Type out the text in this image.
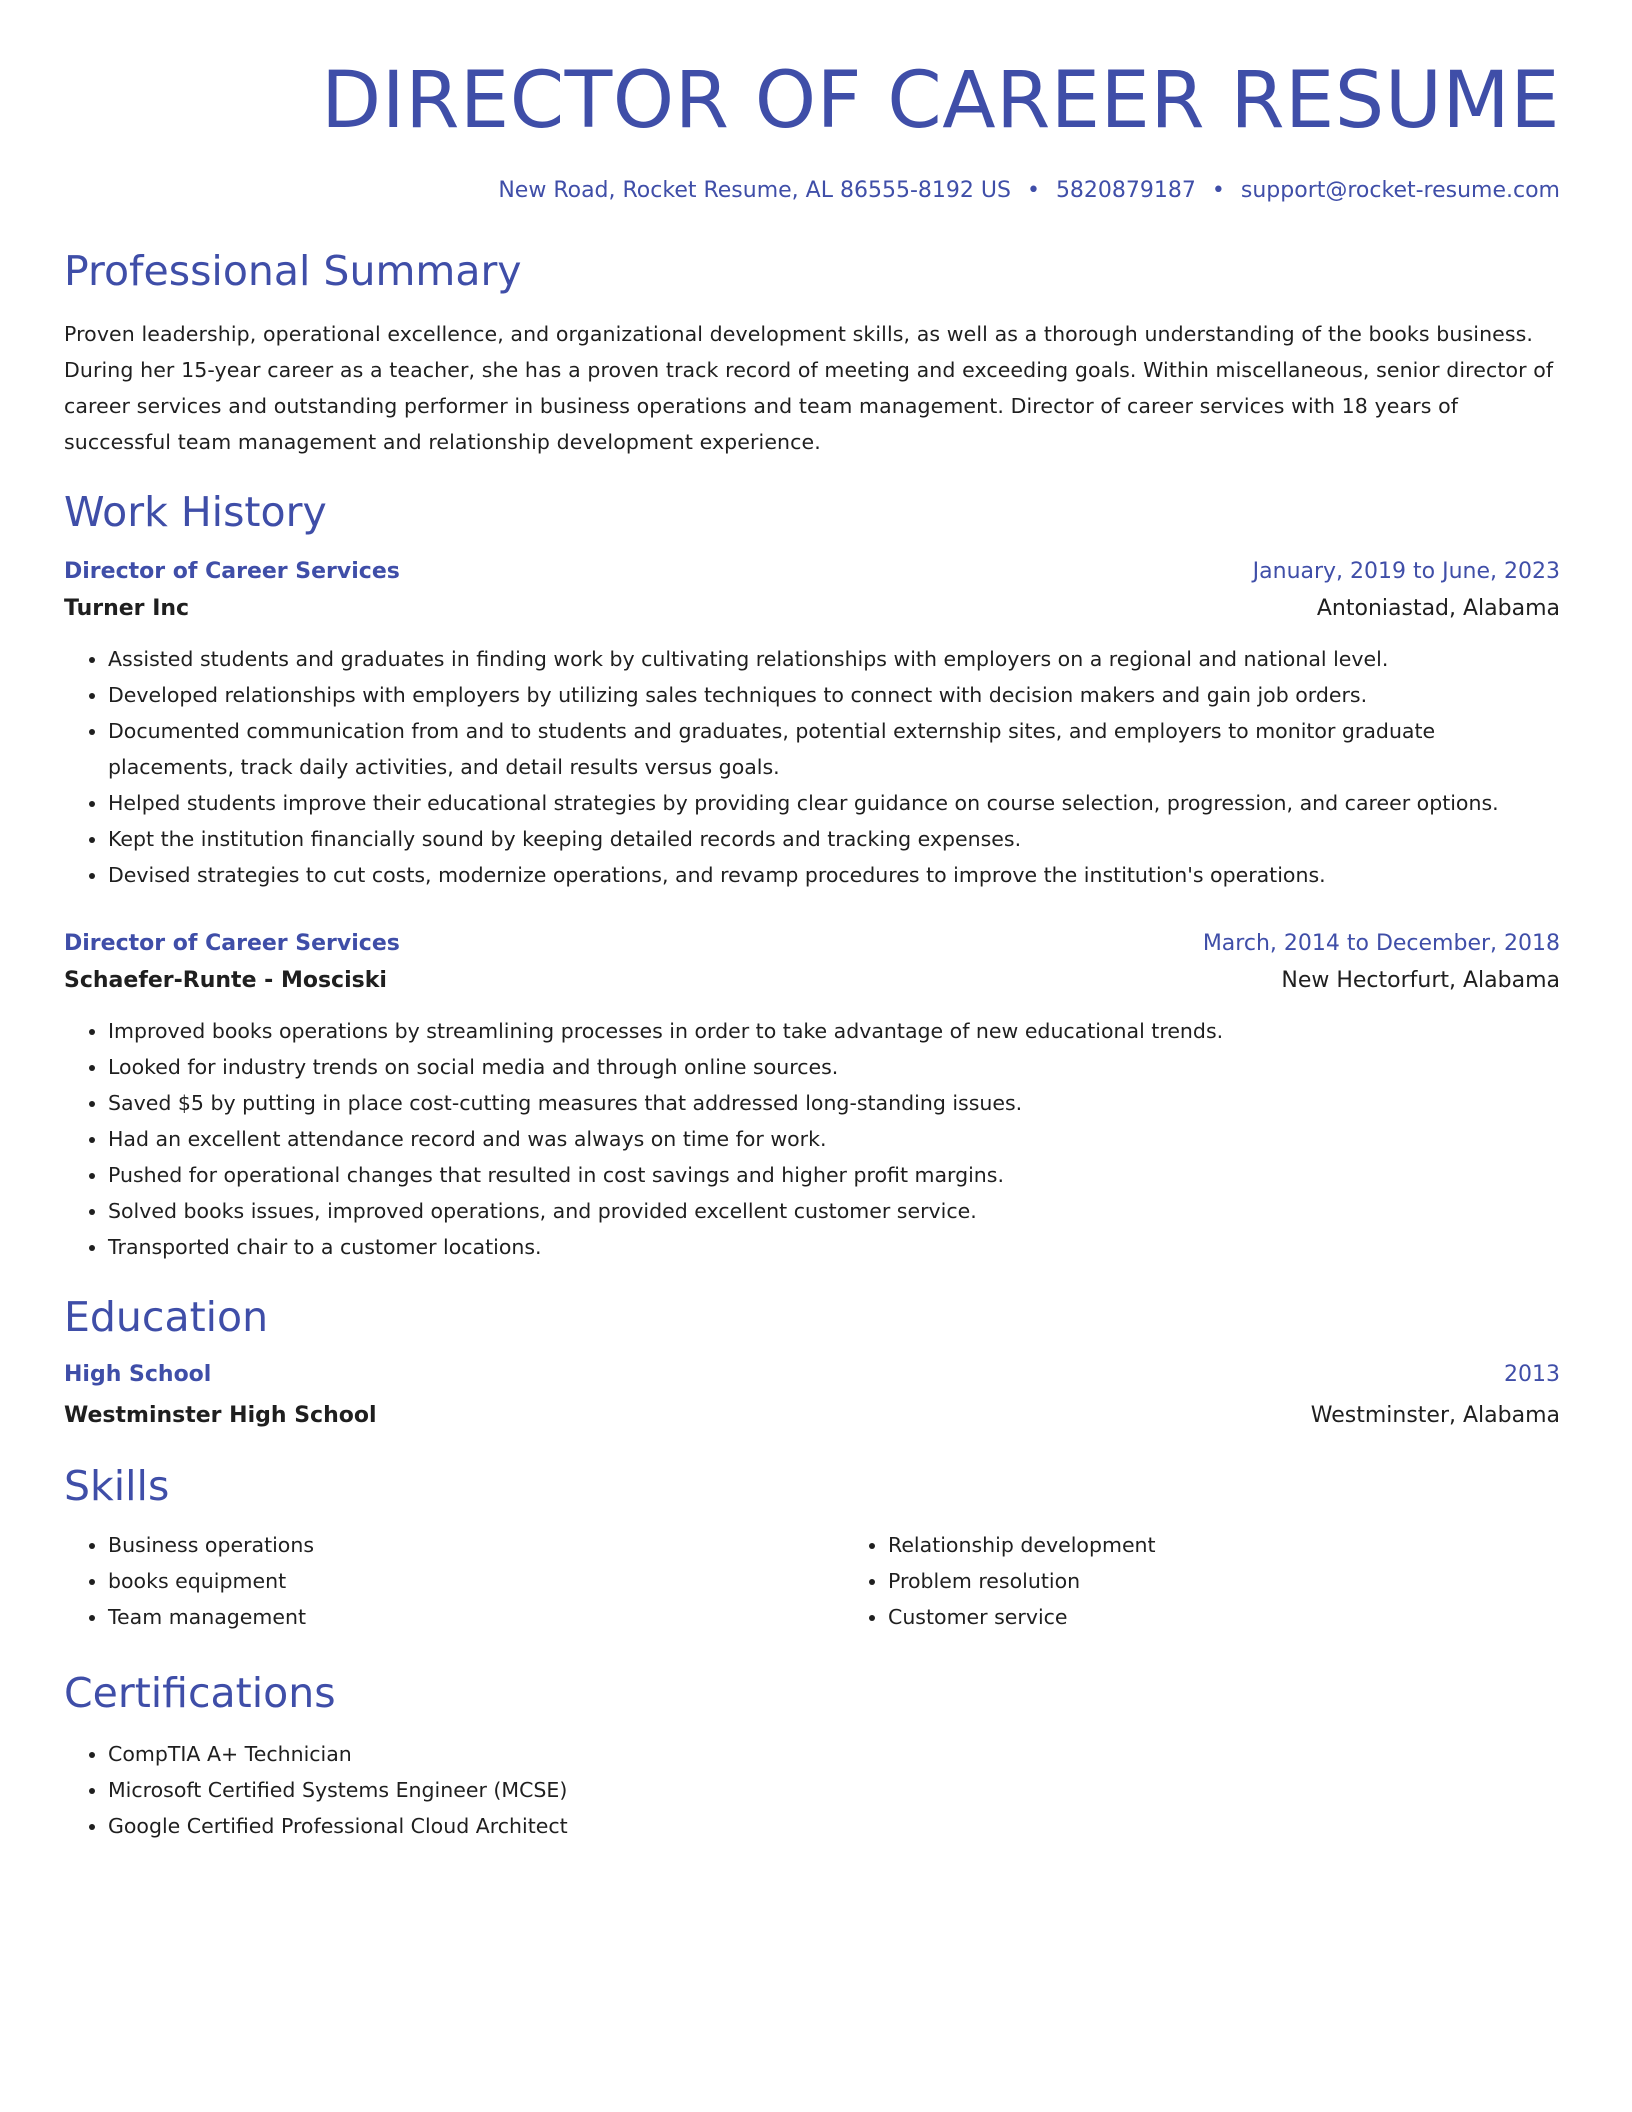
DIRECTOR OF CAREER RESUME
New Road, Rocket Resume, AL 86555-8192 US • 5820879187 • support@rocket-resume.com
Professional Summary
Proven leadership, operational excellence, and organizational development skills, as well as a thorough understanding of the books business. During her 15-year career as a teacher, she has a proven track record of meeting and exceeding goals. Within miscellaneous, senior director of career services and outstanding performer in business operations and team management. Director of career services with 18 years of successful team management and relationship development experience.
Work History
Director of Career Services	January, 2019 to June, 2023
Turner Inc	Antoniastad, Alabama
• Assisted students and graduates in finding work by cultivating relationships with employers on a regional and national level.
• Developed relationships with employers by utilizing sales techniques to connect with decision makers and gain job orders.
• Documented communication from and to students and graduates, potential externship sites, and employers to monitor graduate placements, track daily activities, and detail results versus goals.
• Helped students improve their educational strategies by providing clear guidance on course selection, progression, and career options.
• Kept the institution financially sound by keeping detailed records and tracking expenses.
• Devised strategies to cut costs, modernize operations, and revamp procedures to improve the institution's operations.
Director of Career Services	March, 2014 to December, 2018
Schaefer-Runte - Mosciski	New Hectorfurt, Alabama
• Improved books operations by streamlining processes in order to take advantage of new educational trends.
• Looked for industry trends on social media and through online sources.
• Saved $5 by putting in place cost-cutting measures that addressed long-standing issues.
• Had an excellent attendance record and was always on time for work.
• Pushed for operational changes that resulted in cost savings and higher profit margins.
• Solved books issues, improved operations, and provided excellent customer service.
• Transported chair to a customer locations.
Education
High School	2013
Westminster High School	Westminster, Alabama
Skills
• Business operations
• books equipment
• Team management
• Relationship development
• Problem resolution
• Customer service
Certifications
• CompTIA A+ Technician
• Microsoft Certified Systems Engineer (MCSE)
• Google Certified Professional Cloud Architect
